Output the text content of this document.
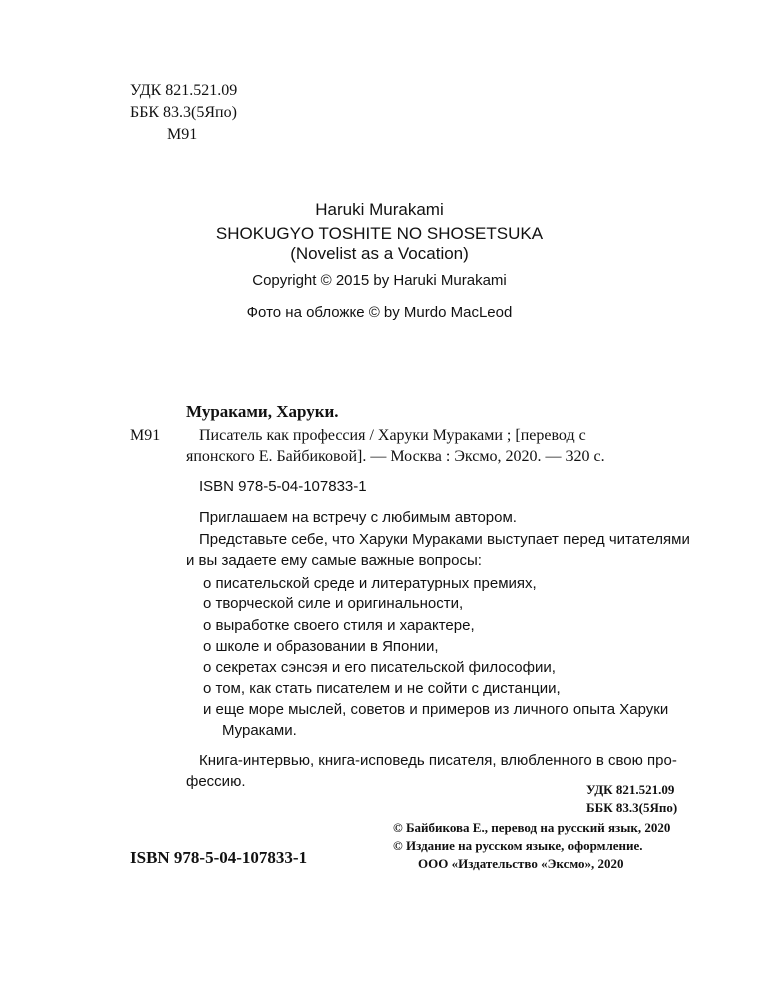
УДК 821.521.09
ББК 83.3(5Япо)
М91
Haruki Murakami
SHOKUGYO TOSHITE NO SHOSETSUKA
(Novelist as a Vocation)
Copyright © 2015 by Haruki Murakami
Фото на обложке © by Murdo MacLeod
Мураками, Харуки.
М91 Писатель как профессия / Харуки Мураками ; [перевод с
японского Е. Байбиковой]. — Москва : Эксмо, 2020. — 320 с.
ISBN 978-5-04-107833-1
Приглашаем на встречу с любимым автором.
Представьте себе, что Харуки Мураками выступает перед читателями
и вы задаете ему самые важные вопросы:
о писательской среде и литературных премиях,
о творческой силе и оригинальности,
о выработке своего стиля и характере,
о школе и образовании в Японии,
о секретах сэнсэя и его писательской философии,
о том, как стать писателем и не сойти с дистанции,
и еще море мыслей, советов и примеров из личного опыта Харуки
Мураками.
Книга-интервью, книга-исповедь писателя, влюбленного в свою про-
фессию.	УДК 821.521.09
ББК 83.3(5Япо)
© Байбикова Е., перевод на русский язык, 2020
© Издание на русском языке, оформление.
ООО «Издательство «Эксмо», 2020
ISBN 978-5-04-107833-1
